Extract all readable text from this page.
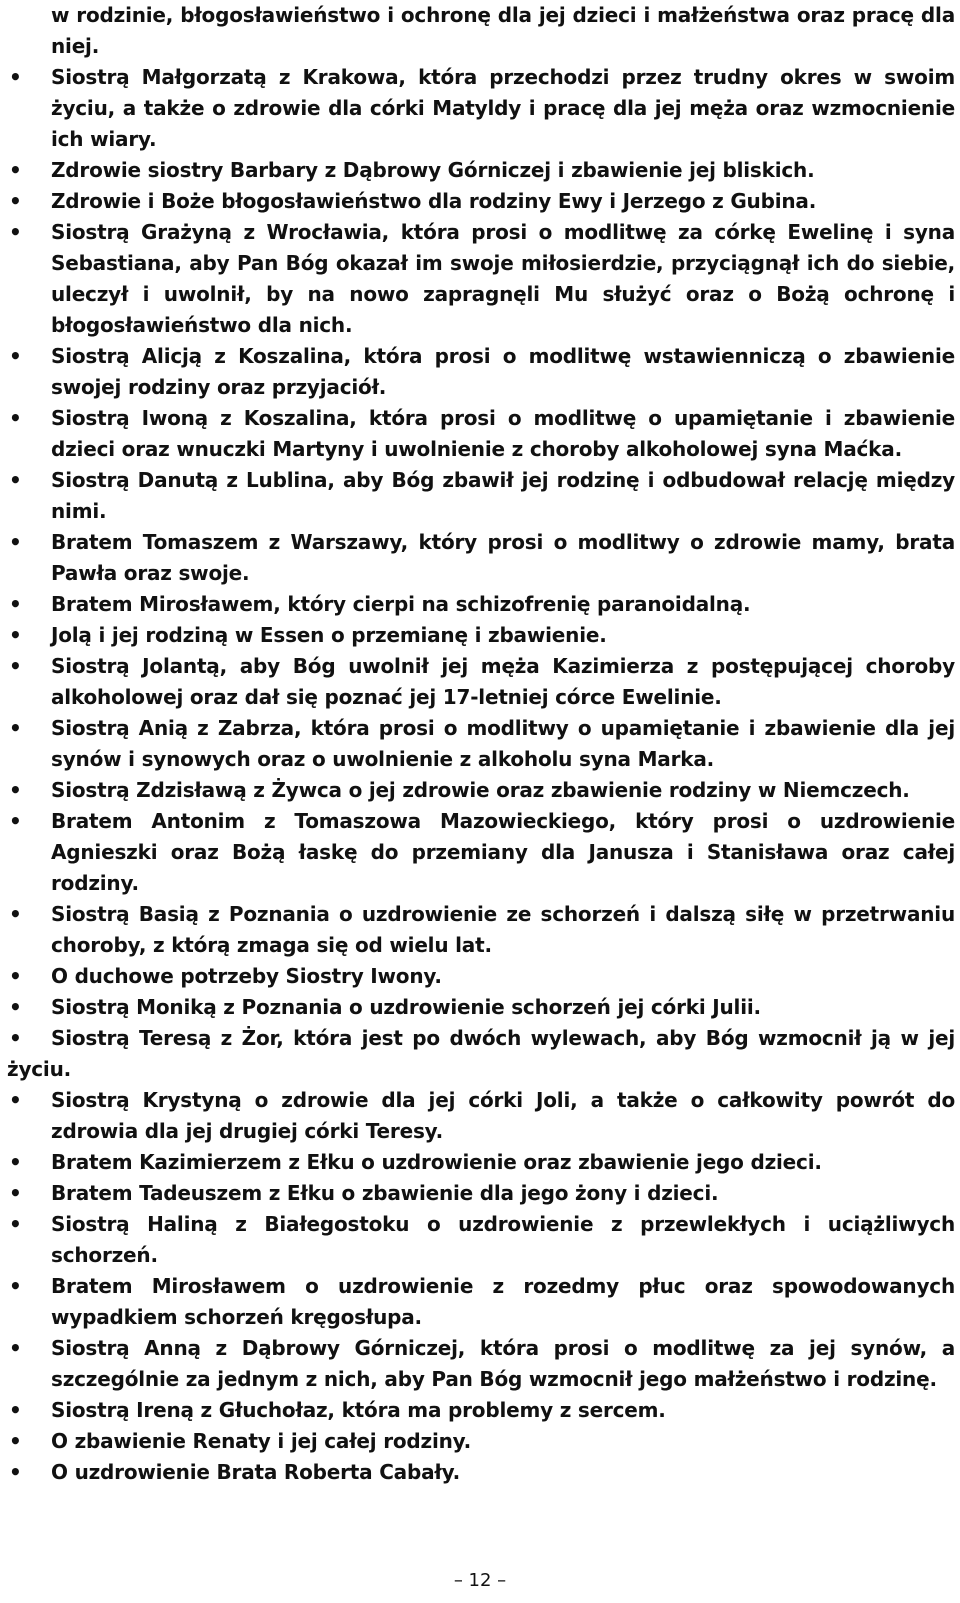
w rodzinie, błogosławieństwo i ochronę dla jej dzieci i małżeństwa oraz pracę dla niej.

•	Siostrą Małgorzatą z Krakowa, która przechodzi przez trudny okres w swoim życiu, a także o zdrowie dla córki Matyldy i pracę dla jej męża oraz wzmocnienie ich wiary.
•	Zdrowie siostry Barbary z Dąbrowy Górniczej i zbawienie jej bliskich.
•	Zdrowie i Boże błogosławieństwo dla rodziny Ewy i Jerzego z Gubina.
•	Siostrą Grażyną z Wrocławia, która prosi o modlitwę za córkę Ewelinę i syna Sebastiana, aby Pan Bóg okazał im swoje miłosierdzie, przyciągnął ich do siebie, uleczył i uwolnił, by na nowo zapragnęli Mu służyć oraz o Bożą ochronę i błogosławieństwo dla nich.
•	Siostrą Alicją z Koszalina, która prosi o modlitwę wstawienniczą o zbawienie swojej rodziny oraz przyjaciół.
•	Siostrą Iwoną z Koszalina, która prosi o modlitwę o upamiętanie i zbawienie dzieci oraz wnuczki Martyny i uwolnienie z choroby alkoholowej syna Maćka.
•	Siostrą Danutą z Lublina, aby Bóg zbawił jej rodzinę i odbudował relację między nimi.
•	Bratem Tomaszem z Warszawy, który prosi o modlitwy o zdrowie mamy, brata Pawła oraz swoje.
•	Bratem Mirosławem, który cierpi na schizofrenię paranoidalną.
•	Jolą i jej rodziną w Essen o przemianę i zbawienie.
•	Siostrą Jolantą, aby Bóg uwolnił jej męża Kazimierza z postępującej choroby alkoholowej oraz dał się poznać jej 17-letniej córce Ewelinie.
•	Siostrą Anią z Zabrza, która prosi o modlitwy o upamiętanie i zbawienie dla jej synów i synowych oraz o uwolnienie z alkoholu syna Marka.
•	Siostrą Zdzisławą z Żywca o jej zdrowie oraz zbawienie rodziny w Niemczech.
•	Bratem Antonim z Tomaszowa Mazowieckiego, który prosi o uzdrowienie Agnieszki oraz Bożą łaskę do przemiany dla Janusza i Stanisława oraz całej rodziny.
•	Siostrą Basią z Poznania o uzdrowienie ze schorzeń i dalszą siłę w przetrwaniu choroby, z którą zmaga się od wielu lat.
•	O duchowe potrzeby Siostry Iwony.
•	Siostrą Moniką z Poznania o uzdrowienie schorzeń jej córki Julii.
•	Siostrą Teresą z Żor, która jest po dwóch wylewach, aby Bóg wzmocnił ją w jej życiu.
•	Siostrą Krystyną o zdrowie dla jej córki Joli, a także o całkowity powrót do zdrowia dla jej drugiej córki Teresy.
•	Bratem Kazimierzem z Ełku o uzdrowienie oraz zbawienie jego dzieci.
•	Bratem Tadeuszem z Ełku o zbawienie dla jego żony i dzieci.
•	Siostrą Haliną z Białegostoku o uzdrowienie z przewlekłych i uciążliwych schorzeń.
•	Bratem Mirosławem o uzdrowienie z rozedmy płuc oraz spowodowanych wypadkiem schorzeń kręgosłupa.
•	Siostrą Anną z Dąbrowy Górniczej, która prosi o modlitwę za jej synów, a szczególnie za jednym z nich, aby Pan Bóg wzmocnił jego małżeństwo i rodzinę.
•	Siostrą Ireną z Głuchołaz, która ma problemy z sercem.
•	O zbawienie Renaty i jej całej rodziny.
•	O uzdrowienie Brata Roberta Cabały.
– 12 –
